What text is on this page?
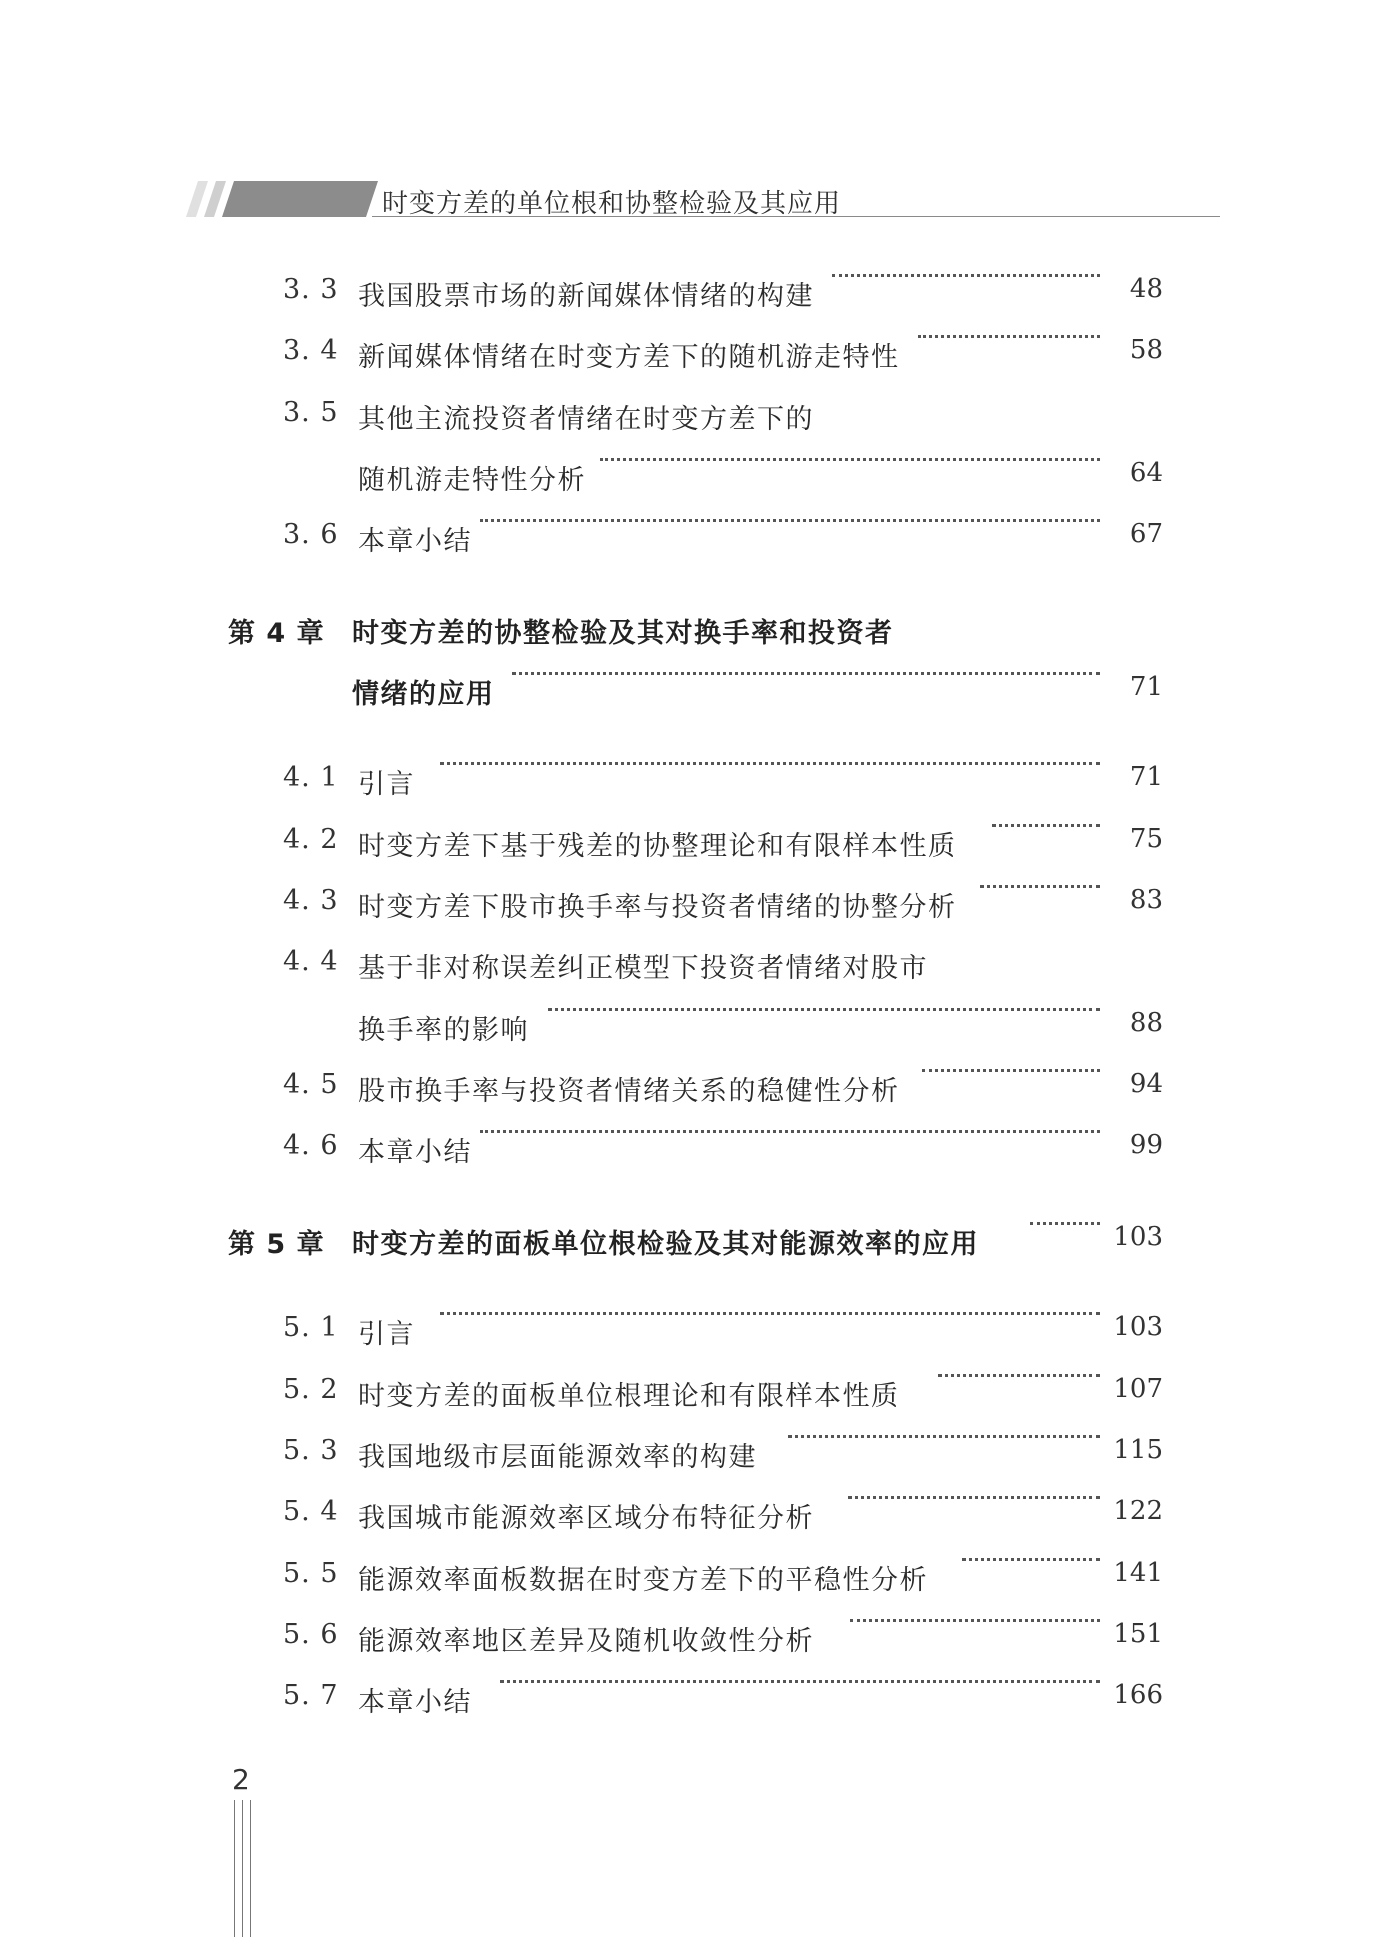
时变方差的单位根和协整检验及其应用
3. 3 我国股票市场的新闻媒体情绪的构建	48
3. 4 新闻媒体情绪在时变方差下的随机游走特性	58
3. 5 其他主流投资者情绪在时变方差下的
随机游走特性分析	64
3. 6 本章小结	67
第 4 章 时变方差的协整检验及其对换手率和投资者
情绪的应用	71
4. 1 引言	71
4. 2 时变方差下基于残差的协整理论和有限样本性质	75
4. 3 时变方差下股市换手率与投资者情绪的协整分析	83
4. 4 基于非对称误差纠正模型下投资者情绪对股市
换手率的影响	88
4. 5 股市换手率与投资者情绪关系的稳健性分析	94
4. 6 本章小结	99
第 5 章 时变方差的面板单位根检验及其对能源效率的应用	103
5. 1 引言	103
5. 2 时变方差的面板单位根理论和有限样本性质	107
5. 3 我国地级市层面能源效率的构建	115
5. 4 我国城市能源效率区域分布特征分析	122
5. 5 能源效率面板数据在时变方差下的平稳性分析	141
5. 6 能源效率地区差异及随机收敛性分析	151
5. 7 本章小结	166
2
